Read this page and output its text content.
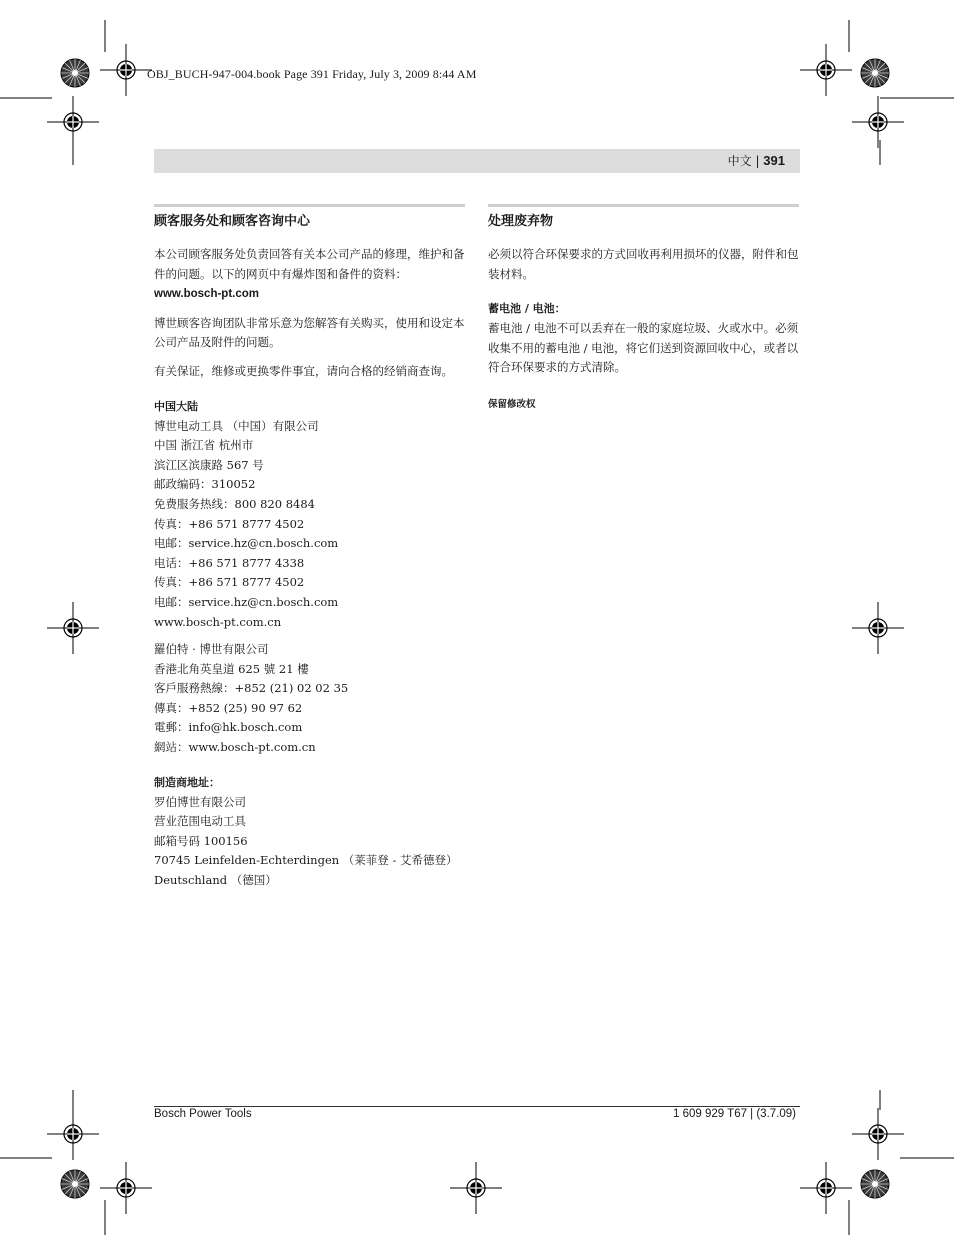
OBJ_BUCH-947-004.book Page 391 Friday, July 3, 2009 8:44 AM
中文 | 391
顾客服务处和顾客咨询中心

本公司顾客服务处负责回答有关本公司产品的修理，维护和备件的问题。以下的网页中有爆炸图和备件的资料：
www.bosch-pt.com

博世顾客咨询团队非常乐意为您解答有关购买，使用和设定本公司产品及附件的问题。

有关保证，维修或更换零件事宜，请向合格的经销商查询。

中国大陆
博世电动工具 （中国）有限公司
中国 浙江省 杭州市
滨江区滨康路 567 号
邮政编码：310052
免费服务热线：800 820 8484
传真：+86 571 8777 4502
电邮：service.hz@cn.bosch.com
电话：+86 571 8777 4338
传真：+86 571 8777 4502
电邮：service.hz@cn.bosch.com
www.bosch-pt.com.cn
羅伯特 · 博世有限公司
香港北角英皇道 625 號 21 樓
客戶服務熱線：+852 (21) 02 02 35
傳真：+852 (25) 90 97 62
電郵：info@hk.bosch.com
網站：www.bosch-pt.com.cn
制造商地址：
罗伯博世有限公司
营业范围电动工具
邮箱号码 100156
70745 Leinfelden-Echterdingen （莱菲登 - 艾希德登）
Deutschland （德国）
处理废弃物

必须以符合环保要求的方式回收再利用损坏的仪器，附件和包装材料。

蓄电池 / 电池：

蓄电池 / 电池不可以丢弃在一般的家庭垃圾、火或水中。必须收集不用的蓄电池 / 电池，将它们送到资源回收中心，或者以符合环保要求的方式清除。

保留修改权
Bosch Power Tools	1 609 929 T67 | (3.7.09)
